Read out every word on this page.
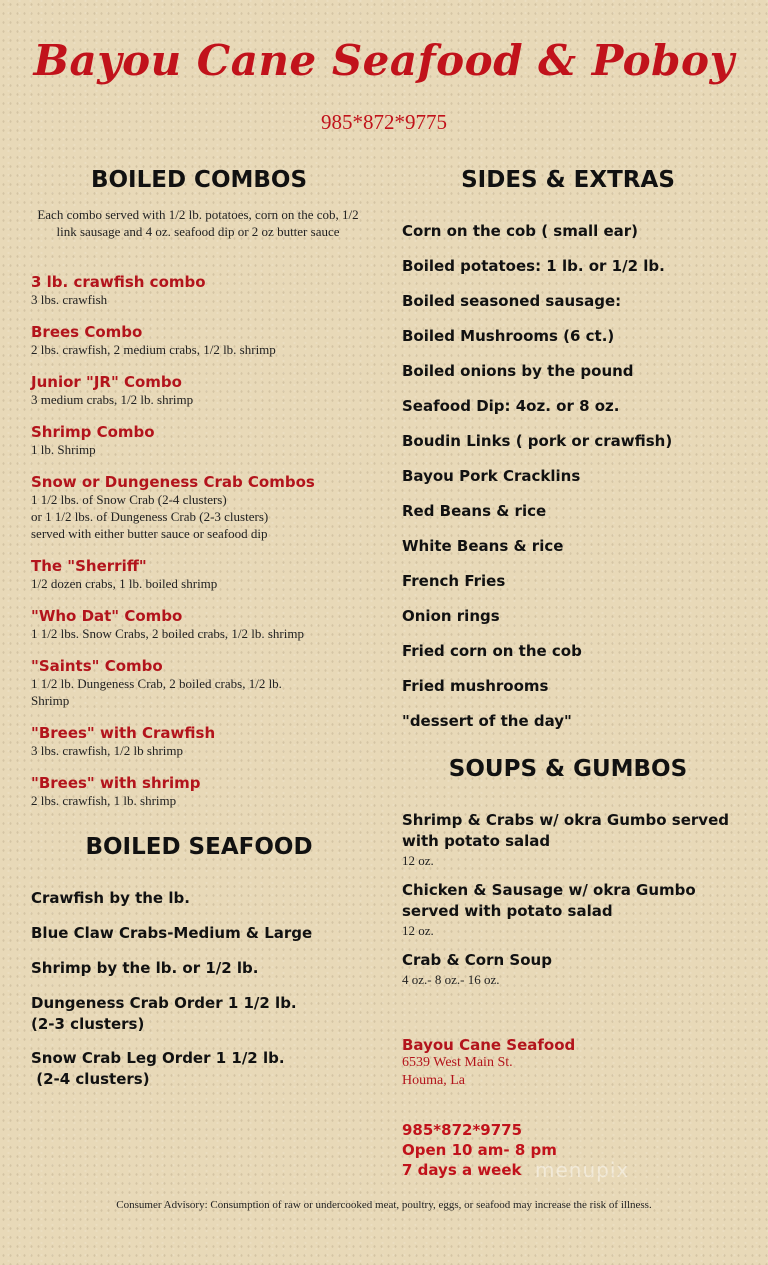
Bayou Cane Seafood & Poboy
985*872*9775
BOILED COMBOS
Each combo served with 1/2 lb. potatoes, corn on the cob, 1/2 link sausage and 4 oz. seafood dip or 2 oz butter sauce
3 lb. crawfish combo
3 lbs. crawfish
Brees Combo
2 lbs. crawfish, 2 medium crabs, 1/2 lb. shrimp
Junior "JR" Combo
3 medium crabs, 1/2 lb. shrimp
Shrimp Combo
1 lb. Shrimp
Snow or Dungeness Crab Combos
1 1/2 lbs. of Snow Crab (2-4 clusters)
or 1 1/2 lbs. of Dungeness Crab (2-3 clusters)
served with either butter sauce or seafood dip
The "Sherriff"
1/2 dozen crabs, 1 lb. boiled shrimp
"Who Dat" Combo
1 1/2 lbs. Snow Crabs, 2 boiled crabs, 1/2 lb. shrimp
"Saints" Combo
1 1/2 lb. Dungeness Crab, 2 boiled crabs, 1/2 lb.
Shrimp
"Brees" with Crawfish
3 lbs. crawfish, 1/2 lb shrimp
"Brees" with shrimp
2 lbs. crawfish, 1 lb. shrimp
BOILED SEAFOOD
Crawfish by the lb.
Blue Claw Crabs-Medium & Large
Shrimp by the lb. or 1/2 lb.
Dungeness Crab Order 1 1/2 lb.
(2-3 clusters)
Snow Crab Leg Order 1 1/2 lb.
(2-4 clusters)
SIDES & EXTRAS
Corn on the cob ( small ear)
Boiled potatoes: 1 lb. or 1/2 lb.
Boiled seasoned sausage:
Boiled Mushrooms (6 ct.)
Boiled onions by the pound
Seafood Dip: 4oz. or 8 oz.
Boudin Links ( pork or crawfish)
Bayou Pork Cracklins
Red Beans & rice
White Beans & rice
French Fries
Onion rings
Fried corn on the cob
Fried mushrooms
"dessert of the day"
SOUPS & GUMBOS
Shrimp & Crabs w/ okra Gumbo served with potato salad
12 oz.
Chicken & Sausage w/ okra Gumbo served with potato salad
12 oz.
Crab & Corn Soup
4 oz.- 8 oz.- 16 oz.
Bayou Cane Seafood
6539 West Main St.
Houma, La
985*872*9775
Open 10 am- 8 pm
7 days a week menupix
Consumer Advisory: Consumption of raw or undercooked meat, poultry, eggs, or seafood may increase the risk of illness.
